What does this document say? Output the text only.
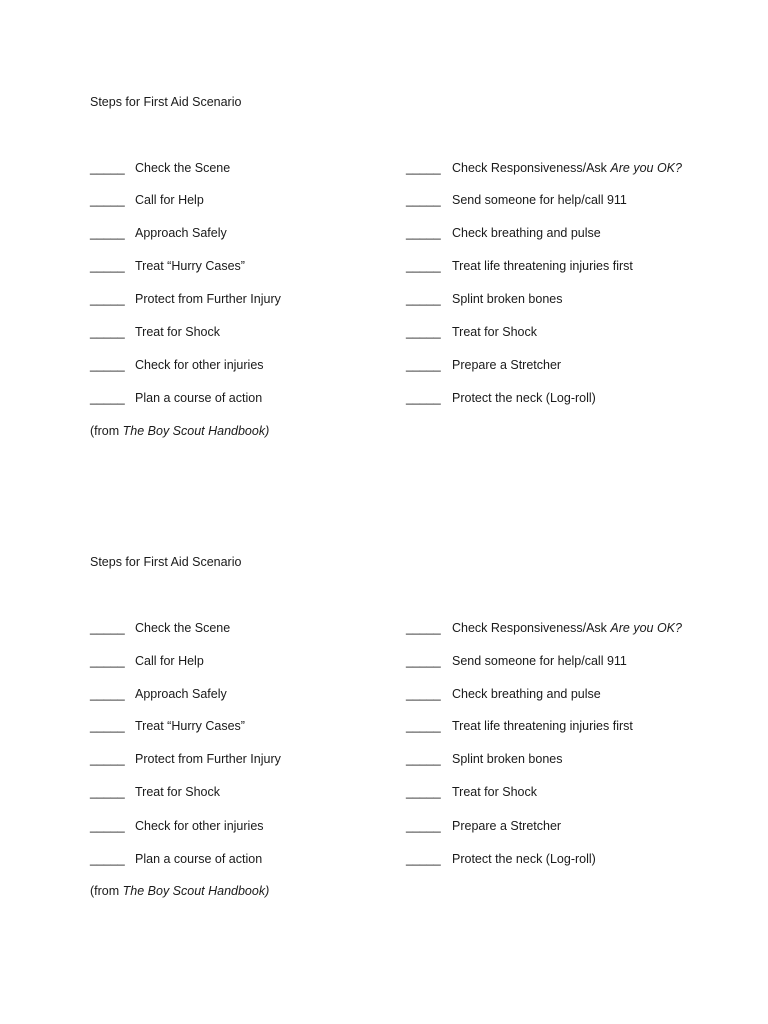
Steps for First Aid Scenario
_____ Check the Scene
_____ Call for Help
_____ Approach Safely
_____ Treat “Hurry Cases”
_____ Protect from Further Injury
_____ Treat for Shock
_____ Check for other injuries
_____ Plan a course of action
_____ Check Responsiveness/Ask Are you OK?
_____ Send someone for help/call 911
_____ Check breathing and pulse
_____ Treat life threatening injuries first
_____ Splint broken bones
_____ Treat for Shock
_____ Prepare a Stretcher
_____ Protect the neck (Log-roll)
(from The Boy Scout Handbook)
Steps for First Aid Scenario
_____ Check the Scene
_____ Call for Help
_____ Approach Safely
_____ Treat “Hurry Cases”
_____ Protect from Further Injury
_____ Treat for Shock
_____ Check for other injuries
_____ Plan a course of action
_____ Check Responsiveness/Ask Are you OK?
_____ Send someone for help/call 911
_____ Check breathing and pulse
_____ Treat life threatening injuries first
_____ Splint broken bones
_____ Treat for Shock
_____ Prepare a Stretcher
_____ Protect the neck (Log-roll)
(from The Boy Scout Handbook)
